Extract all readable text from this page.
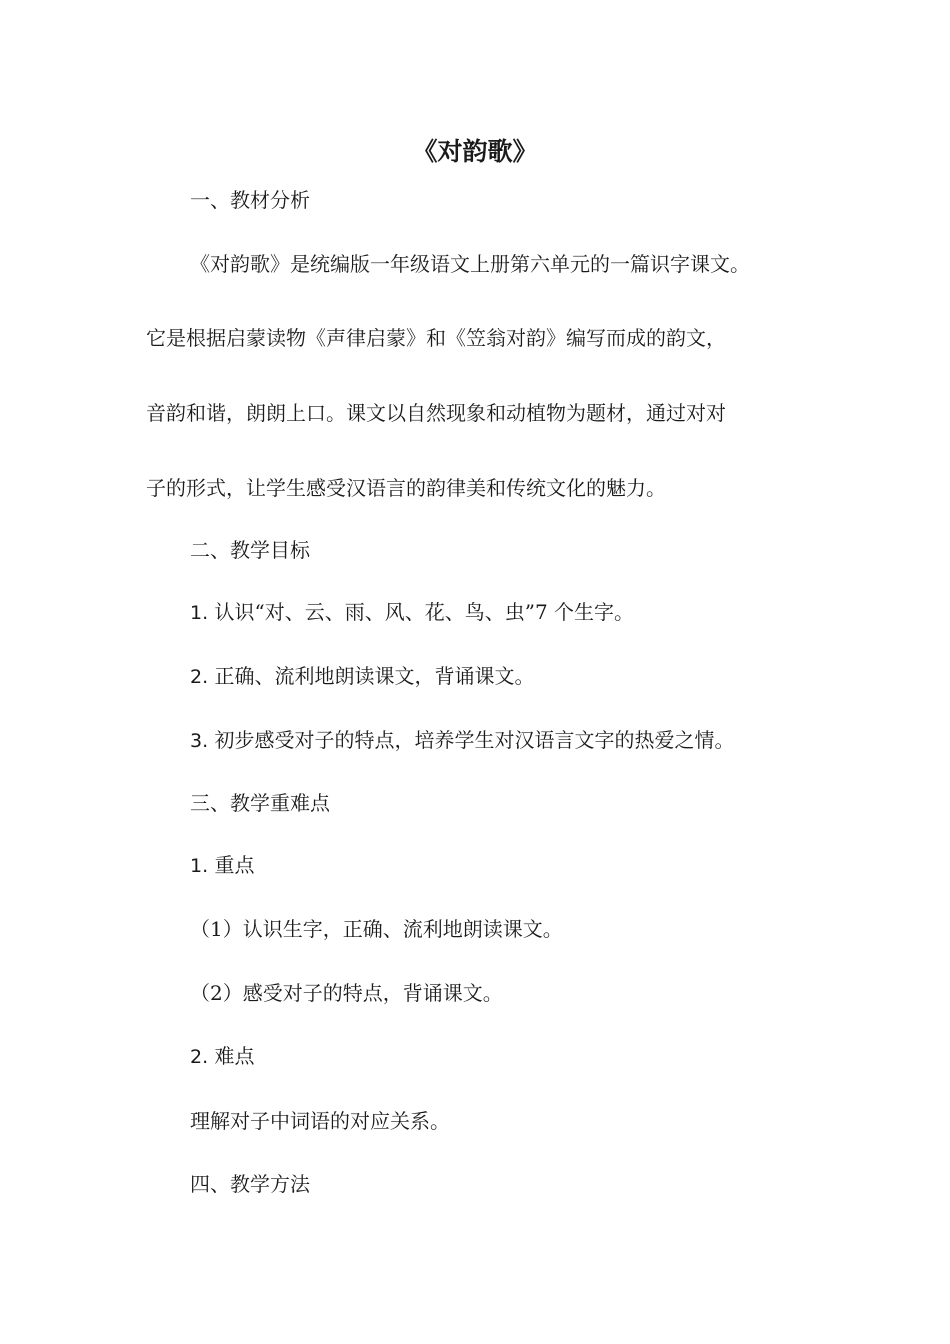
《对韵歌》

一、教材分析

《对韵歌》是统编版一年级语文上册第六单元的一篇识字课文。

它是根据启蒙读物《声律启蒙》和《笠翁对韵》编写而成的韵文，

音韵和谐，朗朗上口。课文以自然现象和动植物为题材，通过对对

子的形式，让学生感受汉语言的韵律美和传统文化的魅力。

二、教学目标

1. 认识“对、云、雨、风、花、鸟、虫”7 个生字。

2. 正确、流利地朗读课文，背诵课文。

3. 初步感受对子的特点，培养学生对汉语言文字的热爱之情。

三、教学重难点

1. 重点

（1）认识生字，正确、流利地朗读课文。

（2）感受对子的特点，背诵课文。

2. 难点

理解对子中词语的对应关系。

四、教学方法
